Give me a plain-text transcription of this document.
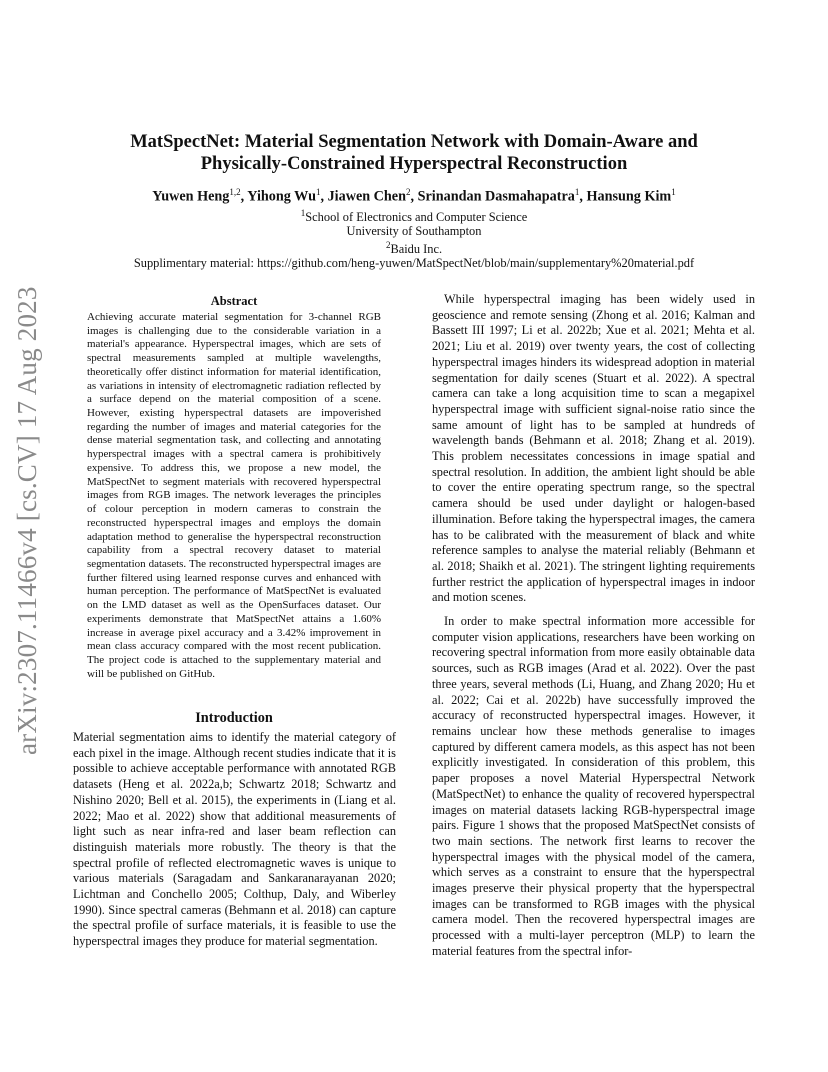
arXiv:2307.11466v4 [cs.CV] 17 Aug 2023
MatSpectNet: Material Segmentation Network with Domain-Aware and
Physically-Constrained Hyperspectral Reconstruction
Yuwen Heng$^{1,2}$, Yihong Wu$^1$, Jiawen Chen$^2$, Srinandan Dasmahapatra$^1$, Hansung Kim$^1$
$^1$School of Electronics and Computer Science
University of Southampton
$^2$Baidu Inc.
Supplimentary material: https://github.com/heng-yuwen/MatSpectNet/blob/main/supplementary%20material.pdf
Abstract
Achieving accurate material segmentation for 3-channel RGB images is challenging due to the considerable variation in a material's appearance. Hyperspectral images, which are sets of spectral measurements sampled at multiple wavelengths, theoretically offer distinct information for material identification, as variations in intensity of electromagnetic radiation reflected by a surface depend on the material composition of a scene. However, existing hyperspectral datasets are impoverished regarding the number of images and material categories for the dense material segmentation task, and collecting and annotating hyperspectral images with a spectral camera is prohibitively expensive. To address this, we propose a new model, the MatSpectNet to segment materials with recovered hyperspectral images from RGB images. The network leverages the principles of colour perception in modern cameras to constrain the reconstructed hyperspectral images and employs the domain adaptation method to generalise the hyperspectral reconstruction capability from a spectral recovery dataset to material segmentation datasets. The reconstructed hyperspectral images are further filtered using learned response curves and enhanced with human perception. The performance of MatSpectNet is evaluated on the LMD dataset as well as the OpenSurfaces dataset. Our experiments demonstrate that MatSpectNet attains a 1.60% increase in average pixel accuracy and a 3.42% improvement in mean class accuracy compared with the most recent publication. The project code is attached to the supplementary material and will be published on GitHub.
Introduction

Material segmentation aims to identify the material category of each pixel in the image. Although recent studies indicate that it is possible to achieve acceptable performance with annotated RGB datasets (Heng et al. 2022a,b; Schwartz 2018; Schwartz and Nishino 2020; Bell et al. 2015), the experiments in (Liang et al. 2022; Mao et al. 2022) show that additional measurements of light such as near infra-red and laser beam reflection can distinguish materials more robustly. The theory is that the spectral profile of reflected electromagnetic waves is unique to various materials (Saragadam and Sankaranarayanan 2020; Lichtman and Conchello 2005; Colthup, Daly, and Wiberley 1990). Since spectral cameras (Behmann et al. 2018) can capture the spectral profile of surface materials, it is feasible to use the hyperspectral images they produce for material segmentation.

While hyperspectral imaging has been widely used in geoscience and remote sensing (Zhong et al. 2016; Kalman and Bassett III 1997; Li et al. 2022b; Xue et al. 2021; Mehta et al. 2021; Liu et al. 2019) over twenty years, the cost of collecting hyperspectral images hinders its widespread adoption in material segmentation for daily scenes (Stuart et al. 2022). A spectral camera can take a long acquisition time to scan a megapixel hyperspectral image with sufficient signal-noise ratio since the same amount of light has to be sampled at hundreds of wavelength bands (Behmann et al. 2018; Zhang et al. 2019). This problem necessitates concessions in image spatial and spectral resolution. In addition, the ambient light should be able to cover the entire operating spectrum range, so the spectral camera should be used under daylight or halogen-based illumination. Before taking the hyperspectral images, the camera has to be calibrated with the measurement of black and white reference samples to analyse the material reliably (Behmann et al. 2018; Shaikh et al. 2021). The stringent lighting requirements further restrict the application of hyperspectral images in indoor and motion scenes.

In order to make spectral information more accessible for computer vision applications, researchers have been working on recovering spectral information from more easily obtainable data sources, such as RGB images (Arad et al. 2022). Over the past three years, several methods (Li, Huang, and Zhang 2020; Hu et al. 2022; Cai et al. 2022b) have successfully improved the accuracy of reconstructed hyperspectral images. However, it remains unclear how these methods generalise to images captured by different camera models, as this aspect has not been explicitly investigated. In consideration of this problem, this paper proposes a novel Material Hyperspectral Network (MatSpectNet) to enhance the quality of recovered hyperspectral images on material datasets lacking RGB-hyperspectral image pairs. Figure 1 shows that the proposed MatSpectNet consists of two main sections. The network first learns to recover the hyperspectral images with the physical model of the camera, which serves as a constraint to ensure that the hyperspectral images preserve their physical property that the hyperspectral images can be transformed to RGB images with the physical camera model. Then the recovered hyperspectral images are processed with a multi-layer perceptron (MLP) to learn the material features from the spectral infor-
